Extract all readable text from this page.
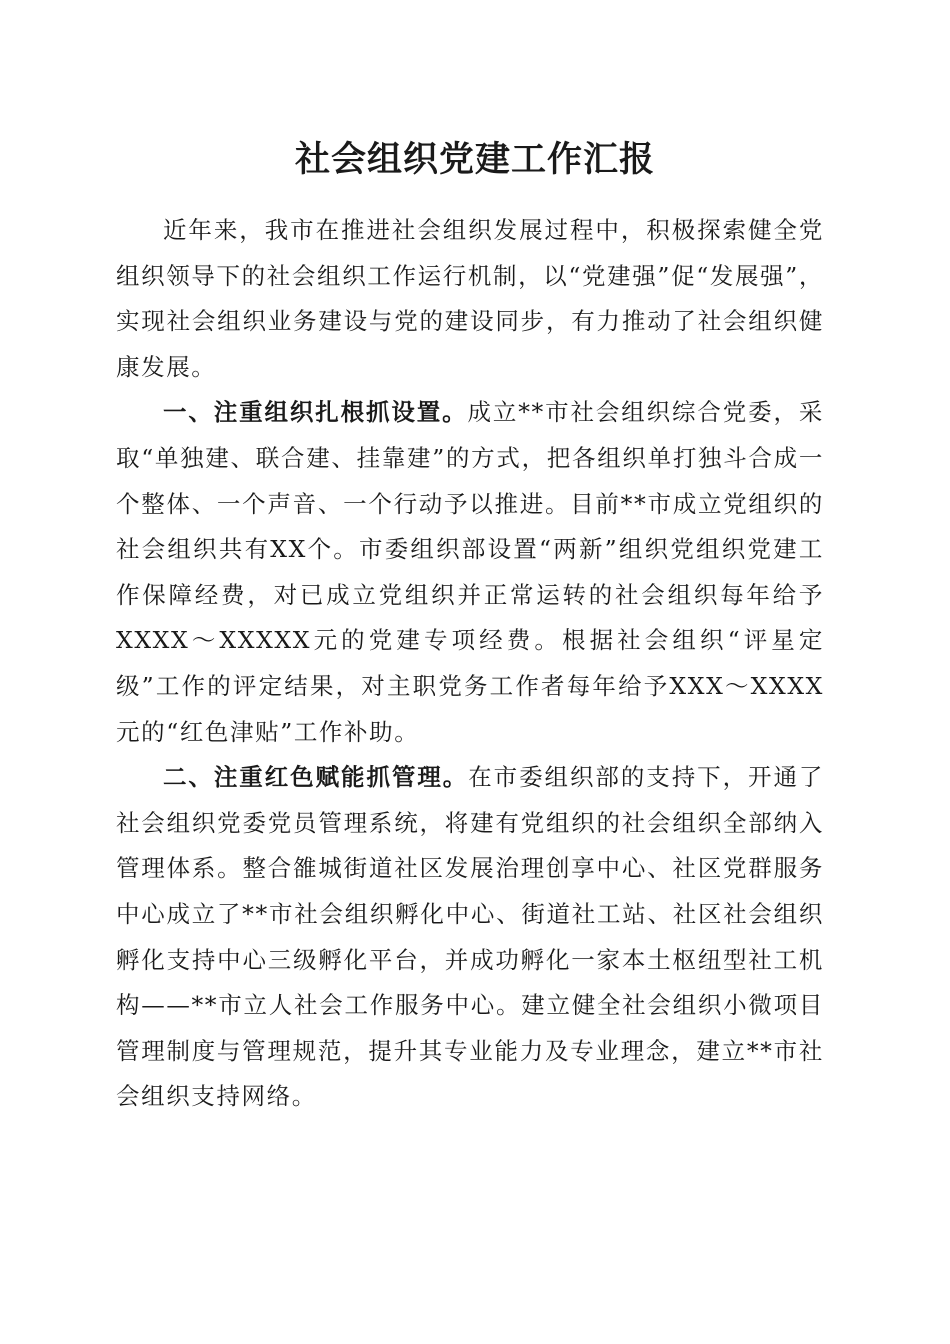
社会组织党建工作汇报

近年来，我市在推进社会组织发展过程中，积极探索健全党组织领导下的社会组织工作运行机制，以“党建强”促“发展强”，实现社会组织业务建设与党的建设同步，有力推动了社会组织健康发展。

一、注重组织扎根抓设置。成立**市社会组织综合党委，采取“单独建、联合建、挂靠建”的方式，把各组织单打独斗合成一个整体、一个声音、一个行动予以推进。目前**市成立党组织的社会组织共有XX个。市委组织部设置“两新”组织党组织党建工作保障经费，对已成立党组织并正常运转的社会组织每年给予XXXX～XXXXX元的党建专项经费。根据社会组织“评星定级”工作的评定结果，对主职党务工作者每年给予XXX～XXXX元的“红色津贴”工作补助。

二、注重红色赋能抓管理。在市委组织部的支持下，开通了社会组织党委党员管理系统，将建有党组织的社会组织全部纳入管理体系。整合雒城街道社区发展治理创享中心、社区党群服务中心成立了**市社会组织孵化中心、街道社工站、社区社会组织孵化支持中心三级孵化平台，并成功孵化一家本土枢纽型社工机构——**市立人社会工作服务中心。建立健全社会组织小微项目管理制度与管理规范，提升其专业能力及专业理念，建立**市社会组织支持网络。
